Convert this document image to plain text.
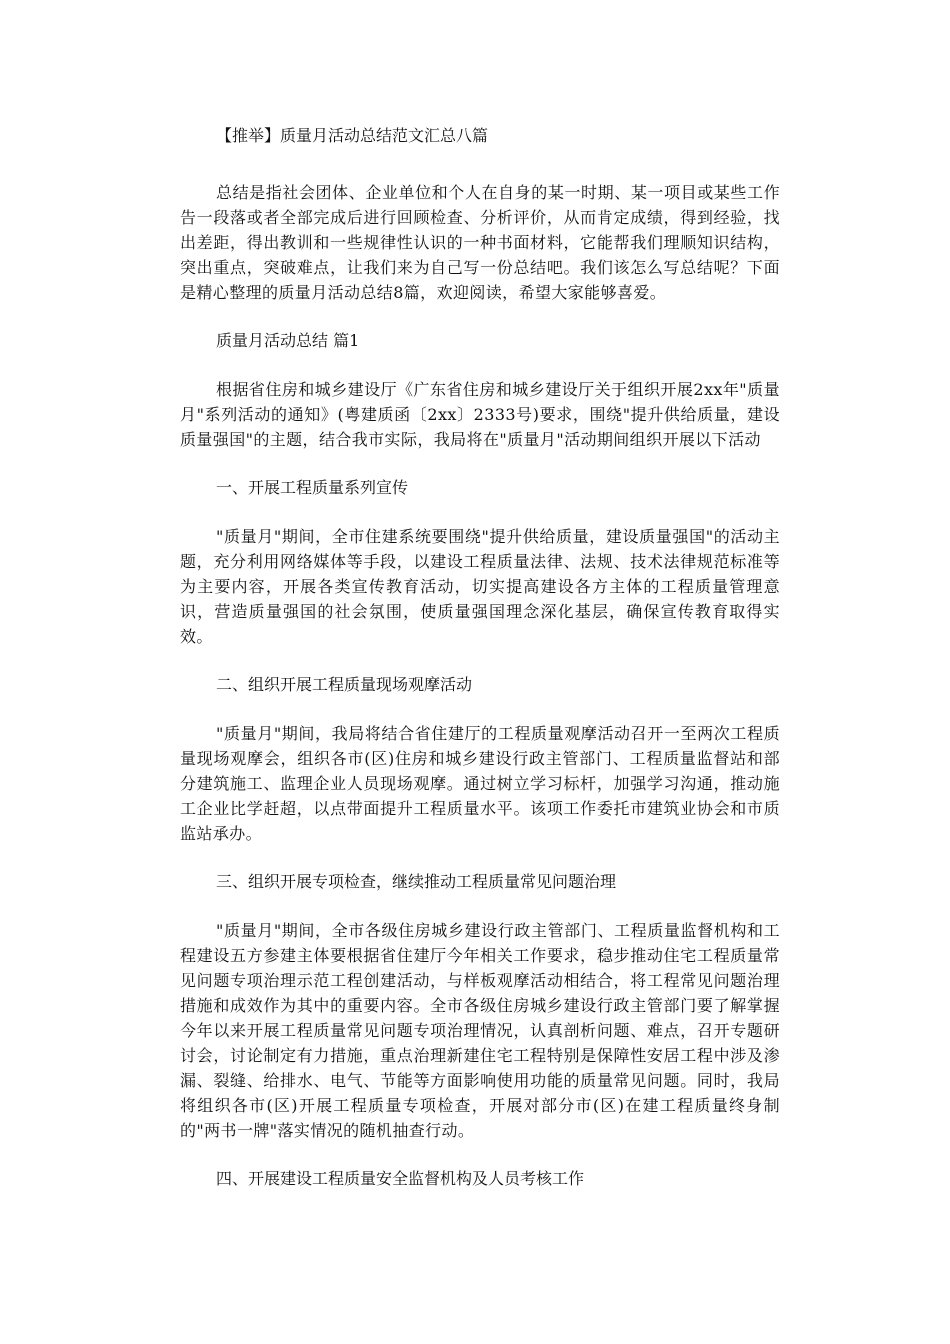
【推举】质量月活动总结范文汇总八篇

总结是指社会团体、企业单位和个人在自身的某一时期、某一项目或某些工作告一段落或者全部完成后进行回顾检查、分析评价，从而肯定成绩，得到经验，找出差距，得出教训和一些规律性认识的一种书面材料，它能帮我们理顺知识结构，突出重点，突破难点，让我们来为自己写一份总结吧。我们该怎么写总结呢？下面是精心整理的质量月活动总结8篇，欢迎阅读，希望大家能够喜爱。

质量月活动总结 篇1

根据省住房和城乡建设厅《广东省住房和城乡建设厅关于组织开展2xx年"质量月"系列活动的通知》(粤建质函〔2xx〕2333号)要求，围绕"提升供给质量，建设质量强国"的主题，结合我市实际，我局将在"质量月"活动期间组织开展以下活动

一、开展工程质量系列宣传

"质量月"期间，全市住建系统要围绕"提升供给质量，建设质量强国"的活动主题，充分利用网络媒体等手段，以建设工程质量法律、法规、技术法律规范标准等为主要内容，开展各类宣传教育活动，切实提高建设各方主体的工程质量管理意识，营造质量强国的社会氛围，使质量强国理念深化基层，确保宣传教育取得实效。

二、组织开展工程质量现场观摩活动

"质量月"期间，我局将结合省住建厅的工程质量观摩活动召开一至两次工程质量现场观摩会，组织各市(区)住房和城乡建设行政主管部门、工程质量监督站和部分建筑施工、监理企业人员现场观摩。通过树立学习标杆，加强学习沟通，推动施工企业比学赶超，以点带面提升工程质量水平。该项工作委托市建筑业协会和市质监站承办。

三、组织开展专项检查，继续推动工程质量常见问题治理

"质量月"期间，全市各级住房城乡建设行政主管部门、工程质量监督机构和工程建设五方参建主体要根据省住建厅今年相关工作要求，稳步推动住宅工程质量常见问题专项治理示范工程创建活动，与样板观摩活动相结合，将工程常见问题治理措施和成效作为其中的重要内容。全市各级住房城乡建设行政主管部门要了解掌握今年以来开展工程质量常见问题专项治理情况，认真剖析问题、难点，召开专题研讨会，讨论制定有力措施，重点治理新建住宅工程特别是保障性安居工程中涉及渗漏、裂缝、给排水、电气、节能等方面影响使用功能的质量常见问题。同时，我局将组织各市(区)开展工程质量专项检查，开展对部分市(区)在建工程质量终身制的"两书一牌"落实情况的随机抽查行动。

四、开展建设工程质量安全监督机构及人员考核工作
